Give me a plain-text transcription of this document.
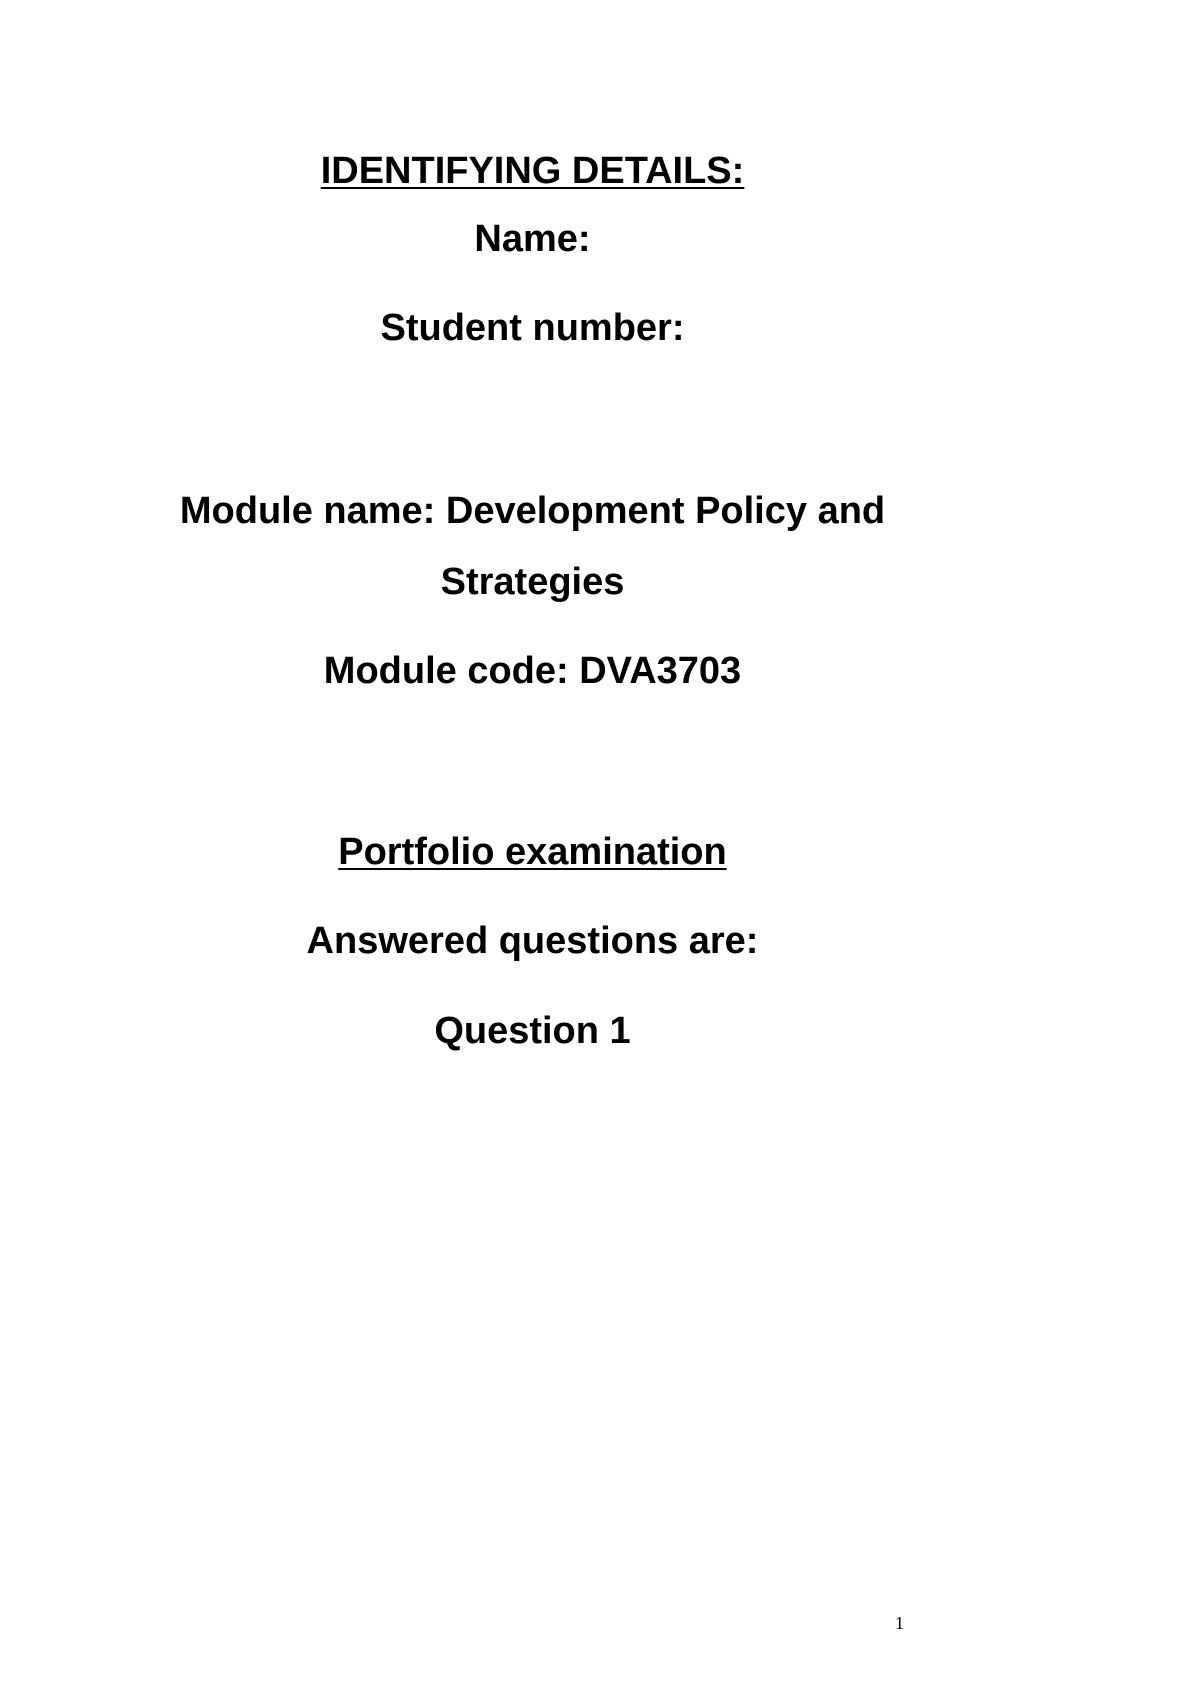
IDENTIFYING DETAILS:
Name:
Student number:
Module name: Development Policy and
Strategies
Module code: DVA3703
Portfolio examination
Answered questions are:
Question 1
1
